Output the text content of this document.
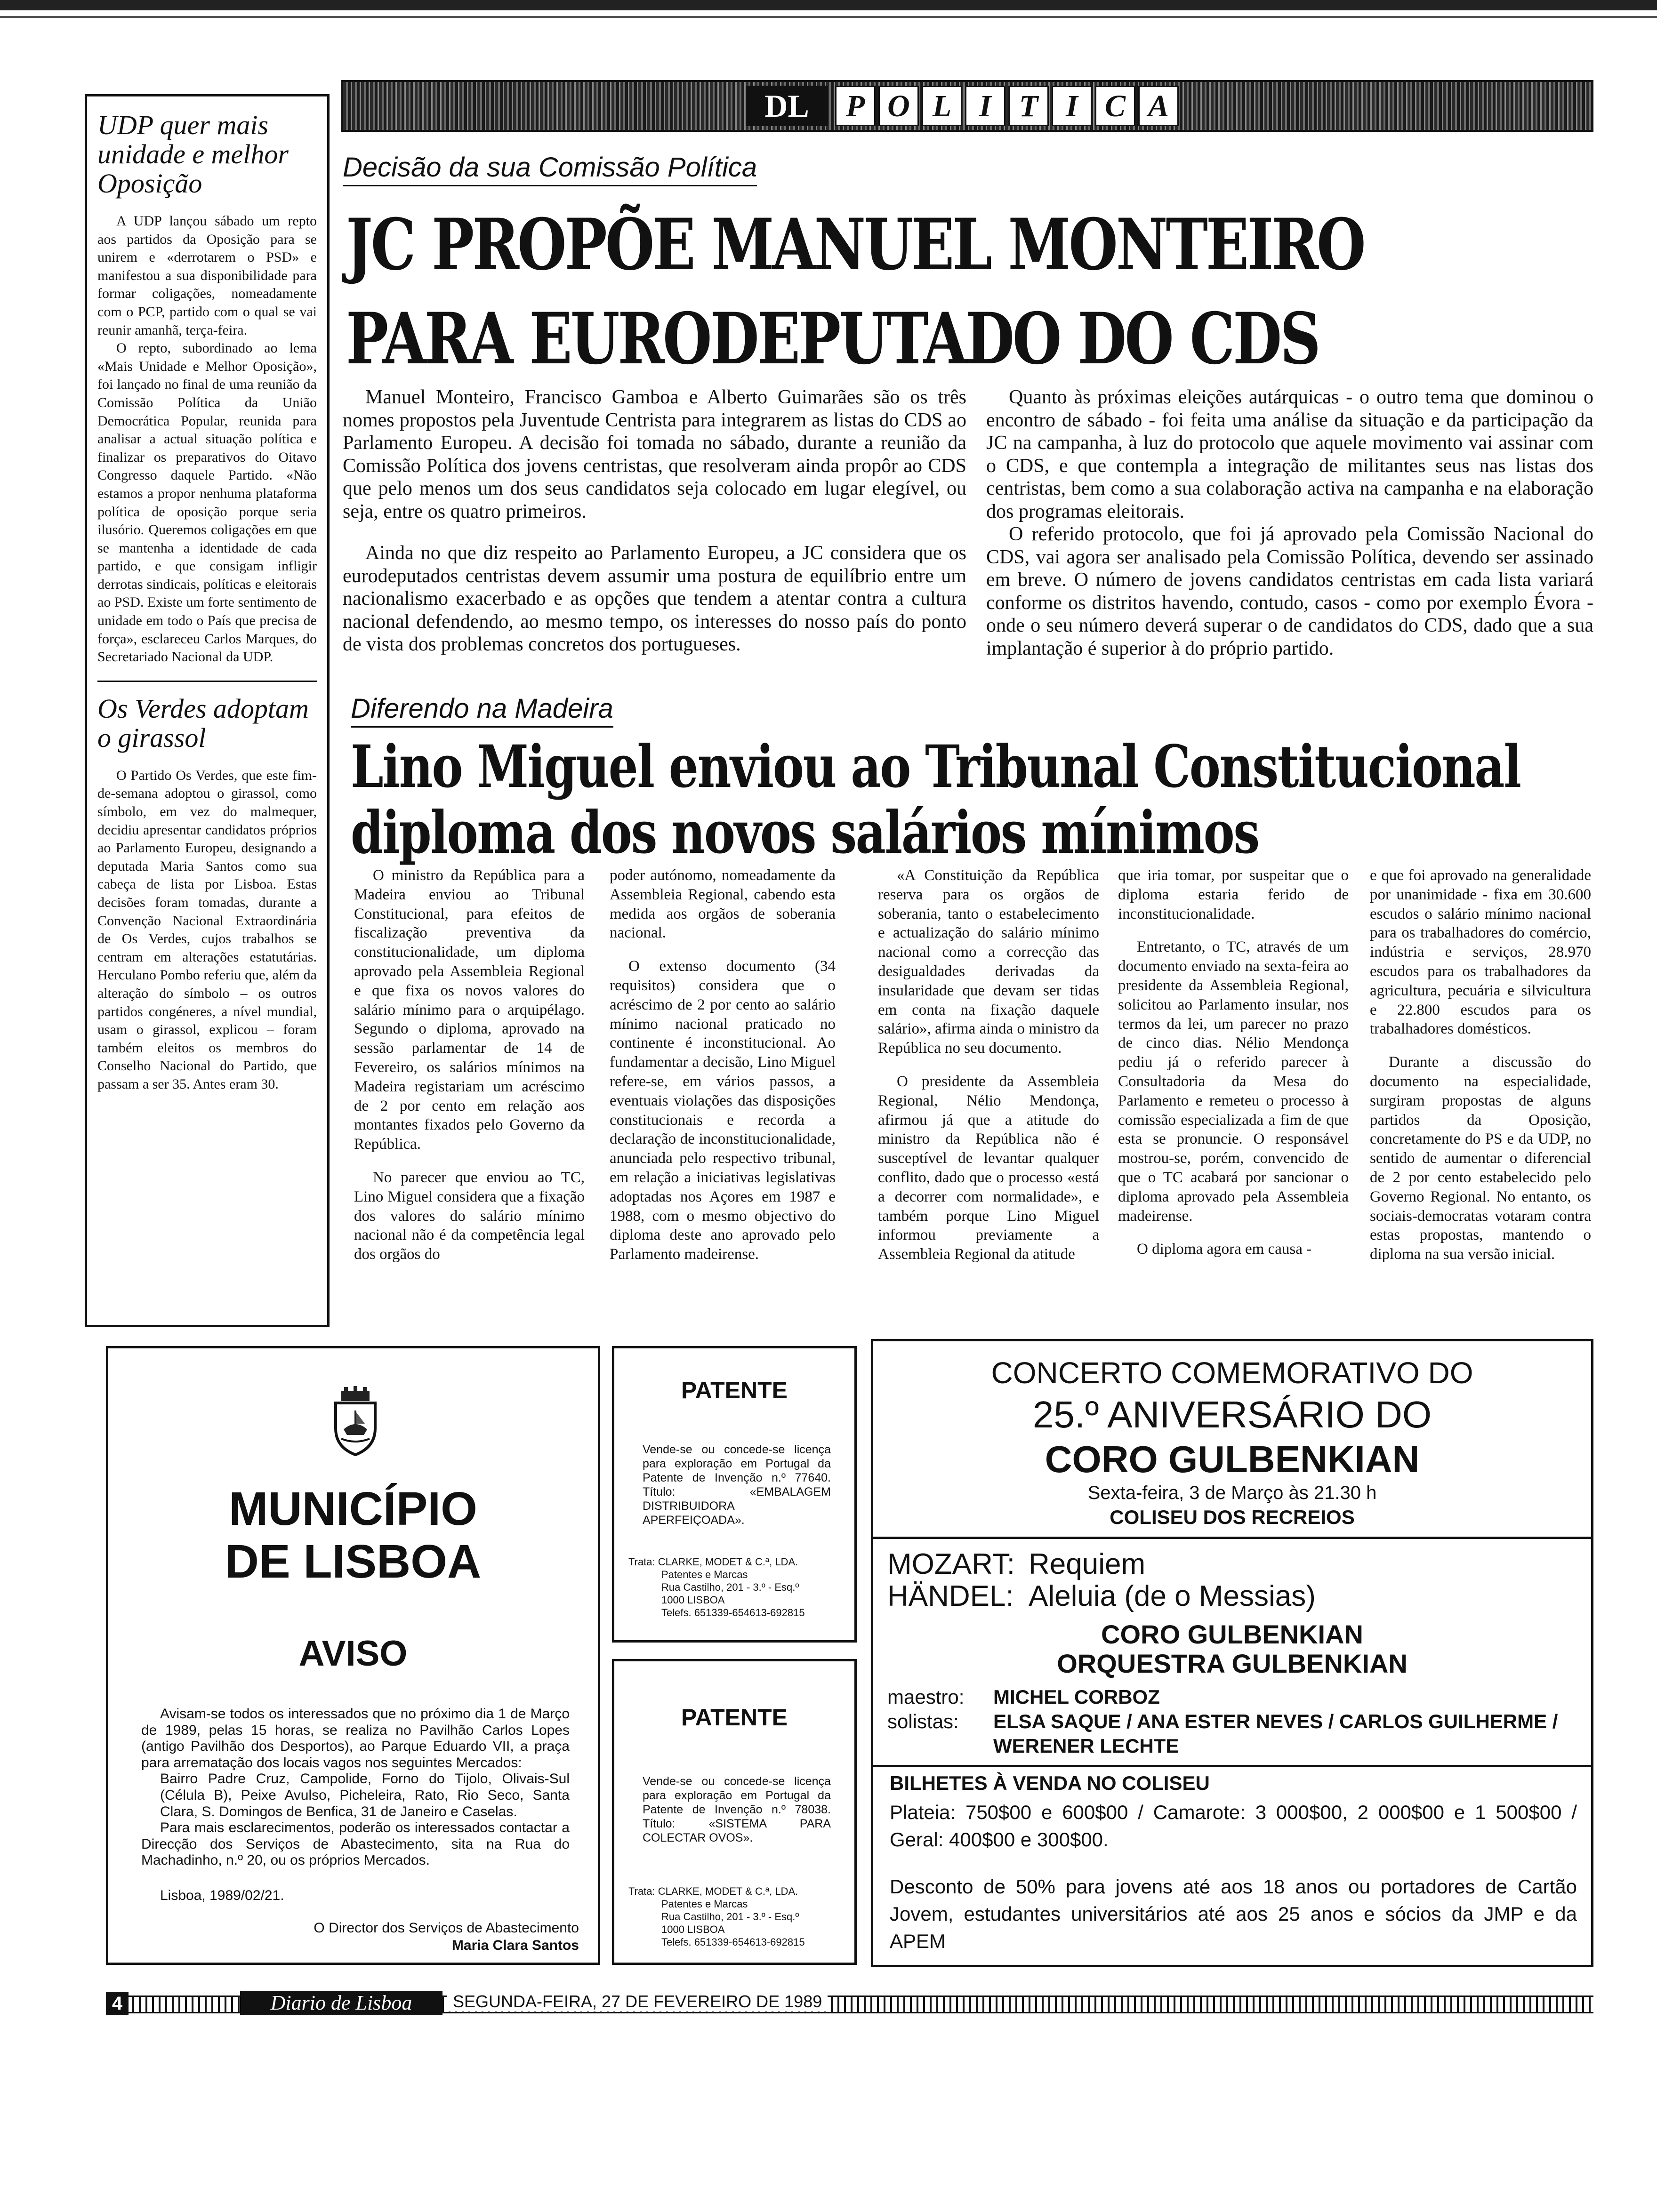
UDP quer mais unidade e melhor Oposição

A UDP lançou sábado um repto aos partidos da Oposição para se unirem e «derrotarem o PSD» e manifestou a sua disponibilidade para formar coligações, nomeadamente com o PCP, partido com o qual se vai reunir amanhã, terça-feira.

O repto, subordinado ao lema «Mais Unidade e Melhor Oposição», foi lançado no final de uma reunião da Comissão Política da União Democrática Popular, reunida para analisar a actual situação política e finalizar os preparativos do Oitavo Congresso daquele Partido. «Não estamos a propor nenhuma plataforma política de oposição porque seria ilusório. Queremos coligações em que se mantenha a identidade de cada partido, e que consigam infligir derrotas sindicais, políticas e eleitorais ao PSD. Existe um forte sentimento de unidade em todo o País que precisa de força», esclareceu Carlos Marques, do Secretariado Nacional da UDP.

Os Verdes adoptam o girassol

O Partido Os Verdes, que este fim-de-semana adoptou o girassol, como símbolo, em vez do malmequer, decidiu apresentar candidatos próprios ao Parlamento Europeu, designando a deputada Maria Santos como sua cabeça de lista por Lisboa. Estas decisões foram tomadas, durante a Convenção Nacional Extraordinária de Os Verdes, cujos trabalhos se centram em alterações estatutárias. Herculano Pombo referiu que, além da alteração do símbolo – os outros partidos congéneres, a nível mundial, usam o girassol, explicou – foram também eleitos os membros do Conselho Nacional do Partido, que passam a ser 35. Antes eram 30.

DL	P O L I T I C A
Decisão da sua Comissão Política
JC PROPÕE MANUEL MONTEIRO
PARA EURODEPUTADO DO CDS

Manuel Monteiro, Francisco Gamboa e Alberto Guimarães são os três nomes propostos pela Juventude Centrista para integrarem as listas do CDS ao Parlamento Europeu. A decisão foi tomada no sábado, durante a reunião da Comissão Política dos jovens centristas, que resolveram ainda propôr ao CDS que pelo menos um dos seus candidatos seja colocado em lugar elegível, ou seja, entre os quatro primeiros.

Ainda no que diz respeito ao Parlamento Europeu, a JC considera que os eurodeputados centristas devem assumir uma postura de equilíbrio entre um nacionalismo exacerbado e as opções que tendem a atentar contra a cultura nacional defendendo, ao mesmo tempo, os interesses do nosso país do ponto de vista dos problemas concretos dos portugueses.

Quanto às próximas eleições autárquicas - o outro tema que dominou o encontro de sábado - foi feita uma análise da situação e da participação da JC na campanha, à luz do protocolo que aquele movimento vai assinar com o CDS, e que contempla a integração de militantes seus nas listas dos centristas, bem como a sua colaboração activa na campanha e na elaboração dos programas eleitorais.

O referido protocolo, que foi já aprovado pela Comissão Nacional do CDS, vai agora ser analisado pela Comissão Política, devendo ser assinado em breve. O número de jovens candidatos centristas em cada lista variará conforme os distritos havendo, contudo, casos - como por exemplo Évora - onde o seu número deverá superar o de candidatos do CDS, dado que a sua implantação é superior à do próprio partido.

Diferendo na Madeira
Lino Miguel enviou ao Tribunal Constitucional
diploma dos novos salários mínimos

O ministro da República para a Madeira enviou ao Tribunal Constitucional, para efeitos de fiscalização preventiva da constitucionalidade, um diploma aprovado pela Assembleia Regional e que fixa os novos valores do salário mínimo para o arquipélago. Segundo o diploma, aprovado na sessão parlamentar de 14 de Fevereiro, os salários mínimos na Madeira registariam um acréscimo de 2 por cento em relação aos montantes fixados pelo Governo da República.

No parecer que enviou ao TC, Lino Miguel considera que a fixação dos valores do salário mínimo nacional não é da competência legal dos orgãos do

poder autónomo, nomeadamente da Assembleia Regional, cabendo esta medida aos orgãos de soberania nacional.

O extenso documento (34 requisitos) considera que o acréscimo de 2 por cento ao salário mínimo nacional praticado no continente é inconstitucional. Ao fundamentar a decisão, Lino Miguel refere-se, em vários passos, a eventuais violações das disposições constitucionais e recorda a declaração de inconstitucionalidade, anunciada pelo respectivo tribunal, em relação a iniciativas legislativas adoptadas nos Açores em 1987 e 1988, com o mesmo objectivo do diploma deste ano aprovado pelo Parlamento madeirense.

«A Constituição da República reserva para os orgãos de soberania, tanto o estabelecimento e actualização do salário mínimo nacional como a correcção das desigualdades derivadas da insularidade que devam ser tidas em conta na fixação daquele salário», afirma ainda o ministro da República no seu documento.

O presidente da Assembleia Regional, Nélio Mendonça, afirmou já que a atitude do ministro da República não é susceptível de levantar qualquer conflito, dado que o processo «está a decorrer com normalidade», e também porque Lino Miguel informou previamente a Assembleia Regional da atitude

que iria tomar, por suspeitar que o diploma estaria ferido de inconstitucionalidade.

Entretanto, o TC, através de um documento enviado na sexta-feira ao presidente da Assembleia Regional, solicitou ao Parlamento insular, nos termos da lei, um parecer no prazo de cinco dias. Nélio Mendonça pediu já o referido parecer à Consultadoria da Mesa do Parlamento e remeteu o processo à comissão especializada a fim de que esta se pronuncie. O responsável mostrou-se, porém, convencido de que o TC acabará por sancionar o diploma aprovado pela Assembleia madeirense.

O diploma agora em causa -

e que foi aprovado na generalidade por unanimidade - fixa em 30.600 escudos o salário mínimo nacional para os trabalhadores do comércio, indústria e serviços, 28.970 escudos para os trabalhadores da agricultura, pecuária e silvicultura e 22.800 escudos para os trabalhadores domésticos.

Durante a discussão do documento na especialidade, surgiram propostas de alguns partidos da Oposição, concretamente do PS e da UDP, no sentido de aumentar o diferencial de 2 por cento estabelecido pelo Governo Regional. No entanto, os sociais-democratas votaram contra estas propostas, mantendo o diploma na sua versão inicial.

MUNICÍPIO
DE LISBOA
AVISO
Avisam-se todos os interessados que no próximo dia 1 de Março de 1989, pelas 15 horas, se realiza no Pavilhão Carlos Lopes (antigo Pavilhão dos Desportos), ao Parque Eduardo VII, a praça para arrematação dos locais vagos nos seguintes Mercados:
Bairro Padre Cruz, Campolide, Forno do Tijolo, Olivais-Sul (Célula B), Peixe Avulso, Picheleira, Rato, Rio Seco, Santa Clara, S. Domingos de Benfica, 31 de Janeiro e Caselas.
Para mais esclarecimentos, poderão os interessados contactar a Direcção dos Serviços de Abastecimento, sita na Rua do Machadinho, n.º 20, ou os próprios Mercados.
Lisboa, 1989/02/21.
O Director dos Serviços de Abastecimento
Maria Clara Santos
PATENTE
Vende-se ou concede-se licença para exploração em Portugal da Patente de Invenção n.º 77640. Título: «EMBALAGEM DISTRIBUIDORA APERFEIÇOADA».
Trata: CLARKE, MODET & C.ª, LDA.
Patentes e Marcas
Rua Castilho, 201 - 3.º - Esq.º
1000 LISBOA
Telefs. 651339-654613-692815
PATENTE
Vende-se ou concede-se licença para exploração em Portugal da Patente de Invenção n.º 78038. Título: «SISTEMA PARA COLECTAR OVOS».
Trata: CLARKE, MODET & C.ª, LDA.
Patentes e Marcas
Rua Castilho, 201 - 3.º - Esq.º
1000 LISBOA
Telefs. 651339-654613-692815
CONCERTO COMEMORATIVO DO
25.º ANIVERSÁRIO DO
CORO GULBENKIAN
Sexta-feira, 3 de Março às 21.30 h
COLISEU DOS RECREIOS
MOZART: Requiem
HÄNDEL: Aleluia (de o Messias)
CORO GULBENKIAN
ORQUESTRA GULBENKIAN
maestro:	MICHEL CORBOZ
solistas:	ELSA SAQUE / ANA ESTER NEVES / CARLOS GUILHERME / WERENER LECHTE
BILHETES À VENDA NO COLISEU
Plateia: 750$00 e 600$00 / Camarote: 3 000$00, 2 000$00 e 1 500$00 / Geral: 400$00 e 300$00.
Desconto de 50% para jovens até aos 18 anos ou portadores de Cartão Jovem, estudantes universitários até aos 25 anos e sócios da JMP e da APEM
4	Diario de Lisboa	SEGUNDA-FEIRA, 27 DE FEVEREIRO DE 1989
